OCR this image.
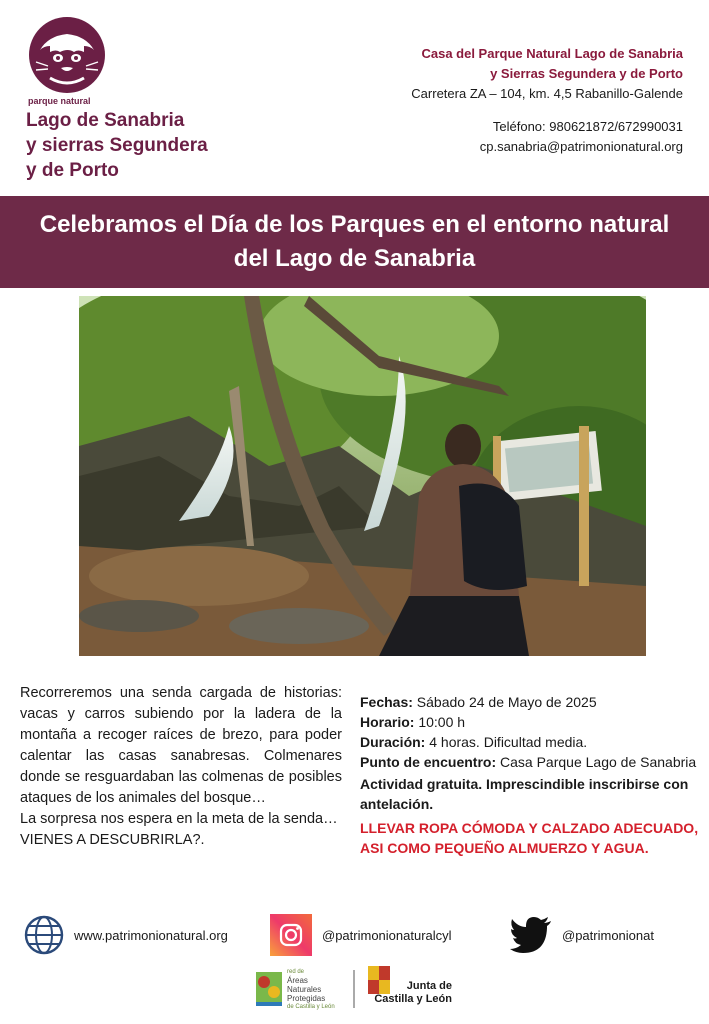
parque natural
Lago de Sanabria
y sierras Segundera
y de Porto
Casa del Parque Natural Lago de Sanabria
y Sierras Segundera y de Porto
Carretera ZA – 104, km. 4,5 Rabanillo-Galende
Teléfono: 980621872/672990031
cp.sanabria@patrimonionatural.org
Celebramos el Día de los Parques en el entorno natural del Lago de Sanabria

Recorreremos una senda cargada de historias: vacas y carros subiendo por la ladera de la montaña a recoger raíces de brezo, para poder calentar las casas sanabresas. Colmenares donde se resguardaban las colmenas de posibles ataques de los animales del bosque…

La sorpresa nos espera en la meta de la senda… VIENES A DESCUBRIRLA?.

Fechas: Sábado 24 de Mayo de 2025

Horario: 10:00 h

Duración: 4 horas. Dificultad media.

Punto de encuentro: Casa Parque Lago de Sanabria

Actividad gratuita. Imprescindible inscribirse con antelación.

LLEVAR ROPA CÓMODA Y CALZADO ADECUADO, ASI COMO PEQUEÑO ALMUERZO Y AGUA.

www.patrimonionatural.org	@patrimonionaturalcyl	@patrimonionat
red de
Áreas
Naturales
Protegidas
de Castilla y León
Junta de
Castilla y León
